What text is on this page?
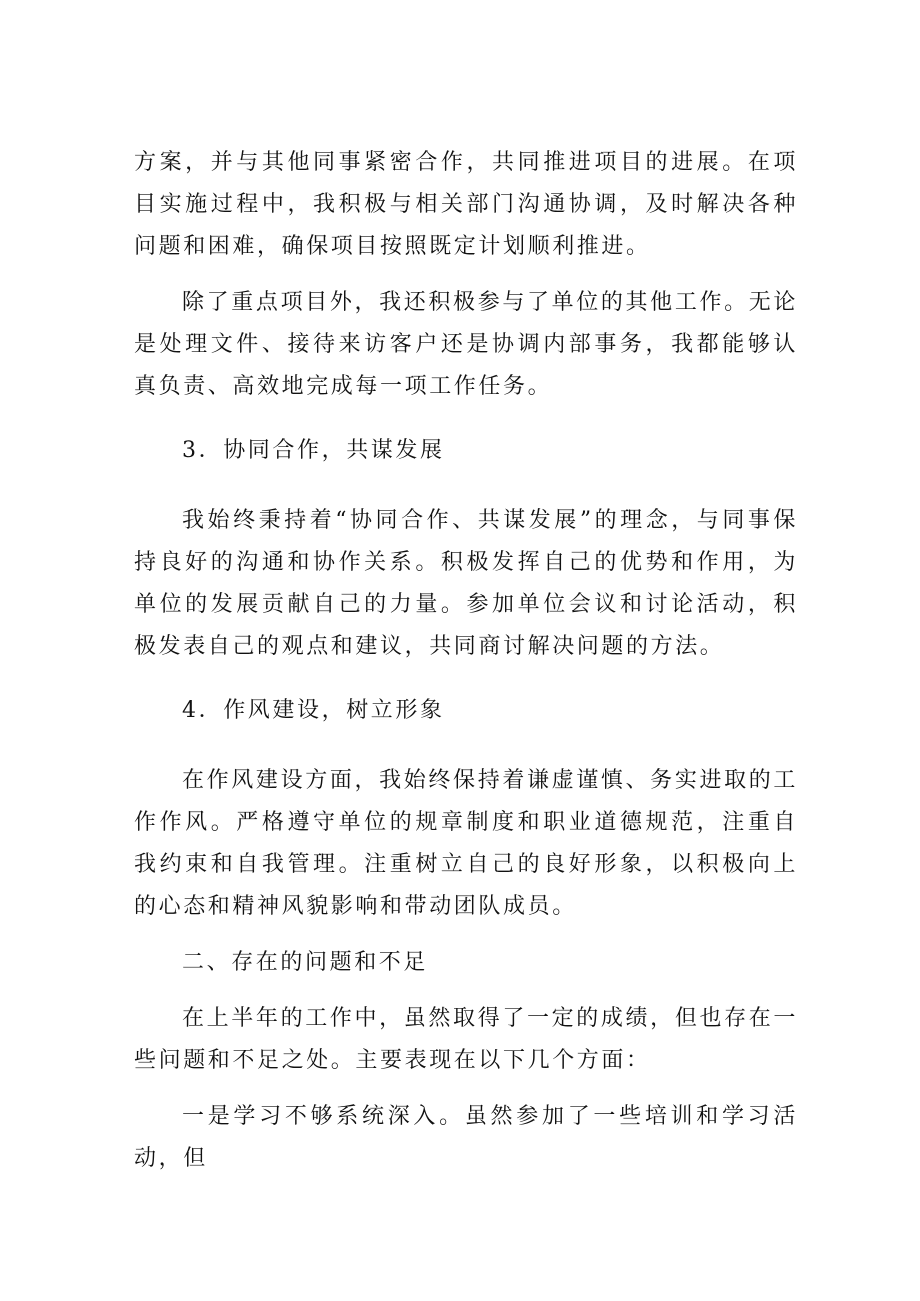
方案，并与其他同事紧密合作，共同推进项目的进展。在项目实施过程中，我积极与相关部门沟通协调，及时解决各种问题和困难，确保项目按照既定计划顺利推进。

除了重点项目外，我还积极参与了单位的其他工作。无论是处理文件、接待来访客户还是协调内部事务，我都能够认真负责、高效地完成每一项工作任务。

3．协同合作，共谋发展

我始终秉持着“协同合作、共谋发展”的理念，与同事保持良好的沟通和协作关系。积极发挥自己的优势和作用，为单位的发展贡献自己的力量。参加单位会议和讨论活动，积极发表自己的观点和建议，共同商讨解决问题的方法。

4．作风建设，树立形象

在作风建设方面，我始终保持着谦虚谨慎、务实进取的工作作风。严格遵守单位的规章制度和职业道德规范，注重自我约束和自我管理。注重树立自己的良好形象，以积极向上的心态和精神风貌影响和带动团队成员。

二、存在的问题和不足

在上半年的工作中，虽然取得了一定的成绩，但也存在一些问题和不足之处。主要表现在以下几个方面：

一是学习不够系统深入。虽然参加了一些培训和学习活动，但
